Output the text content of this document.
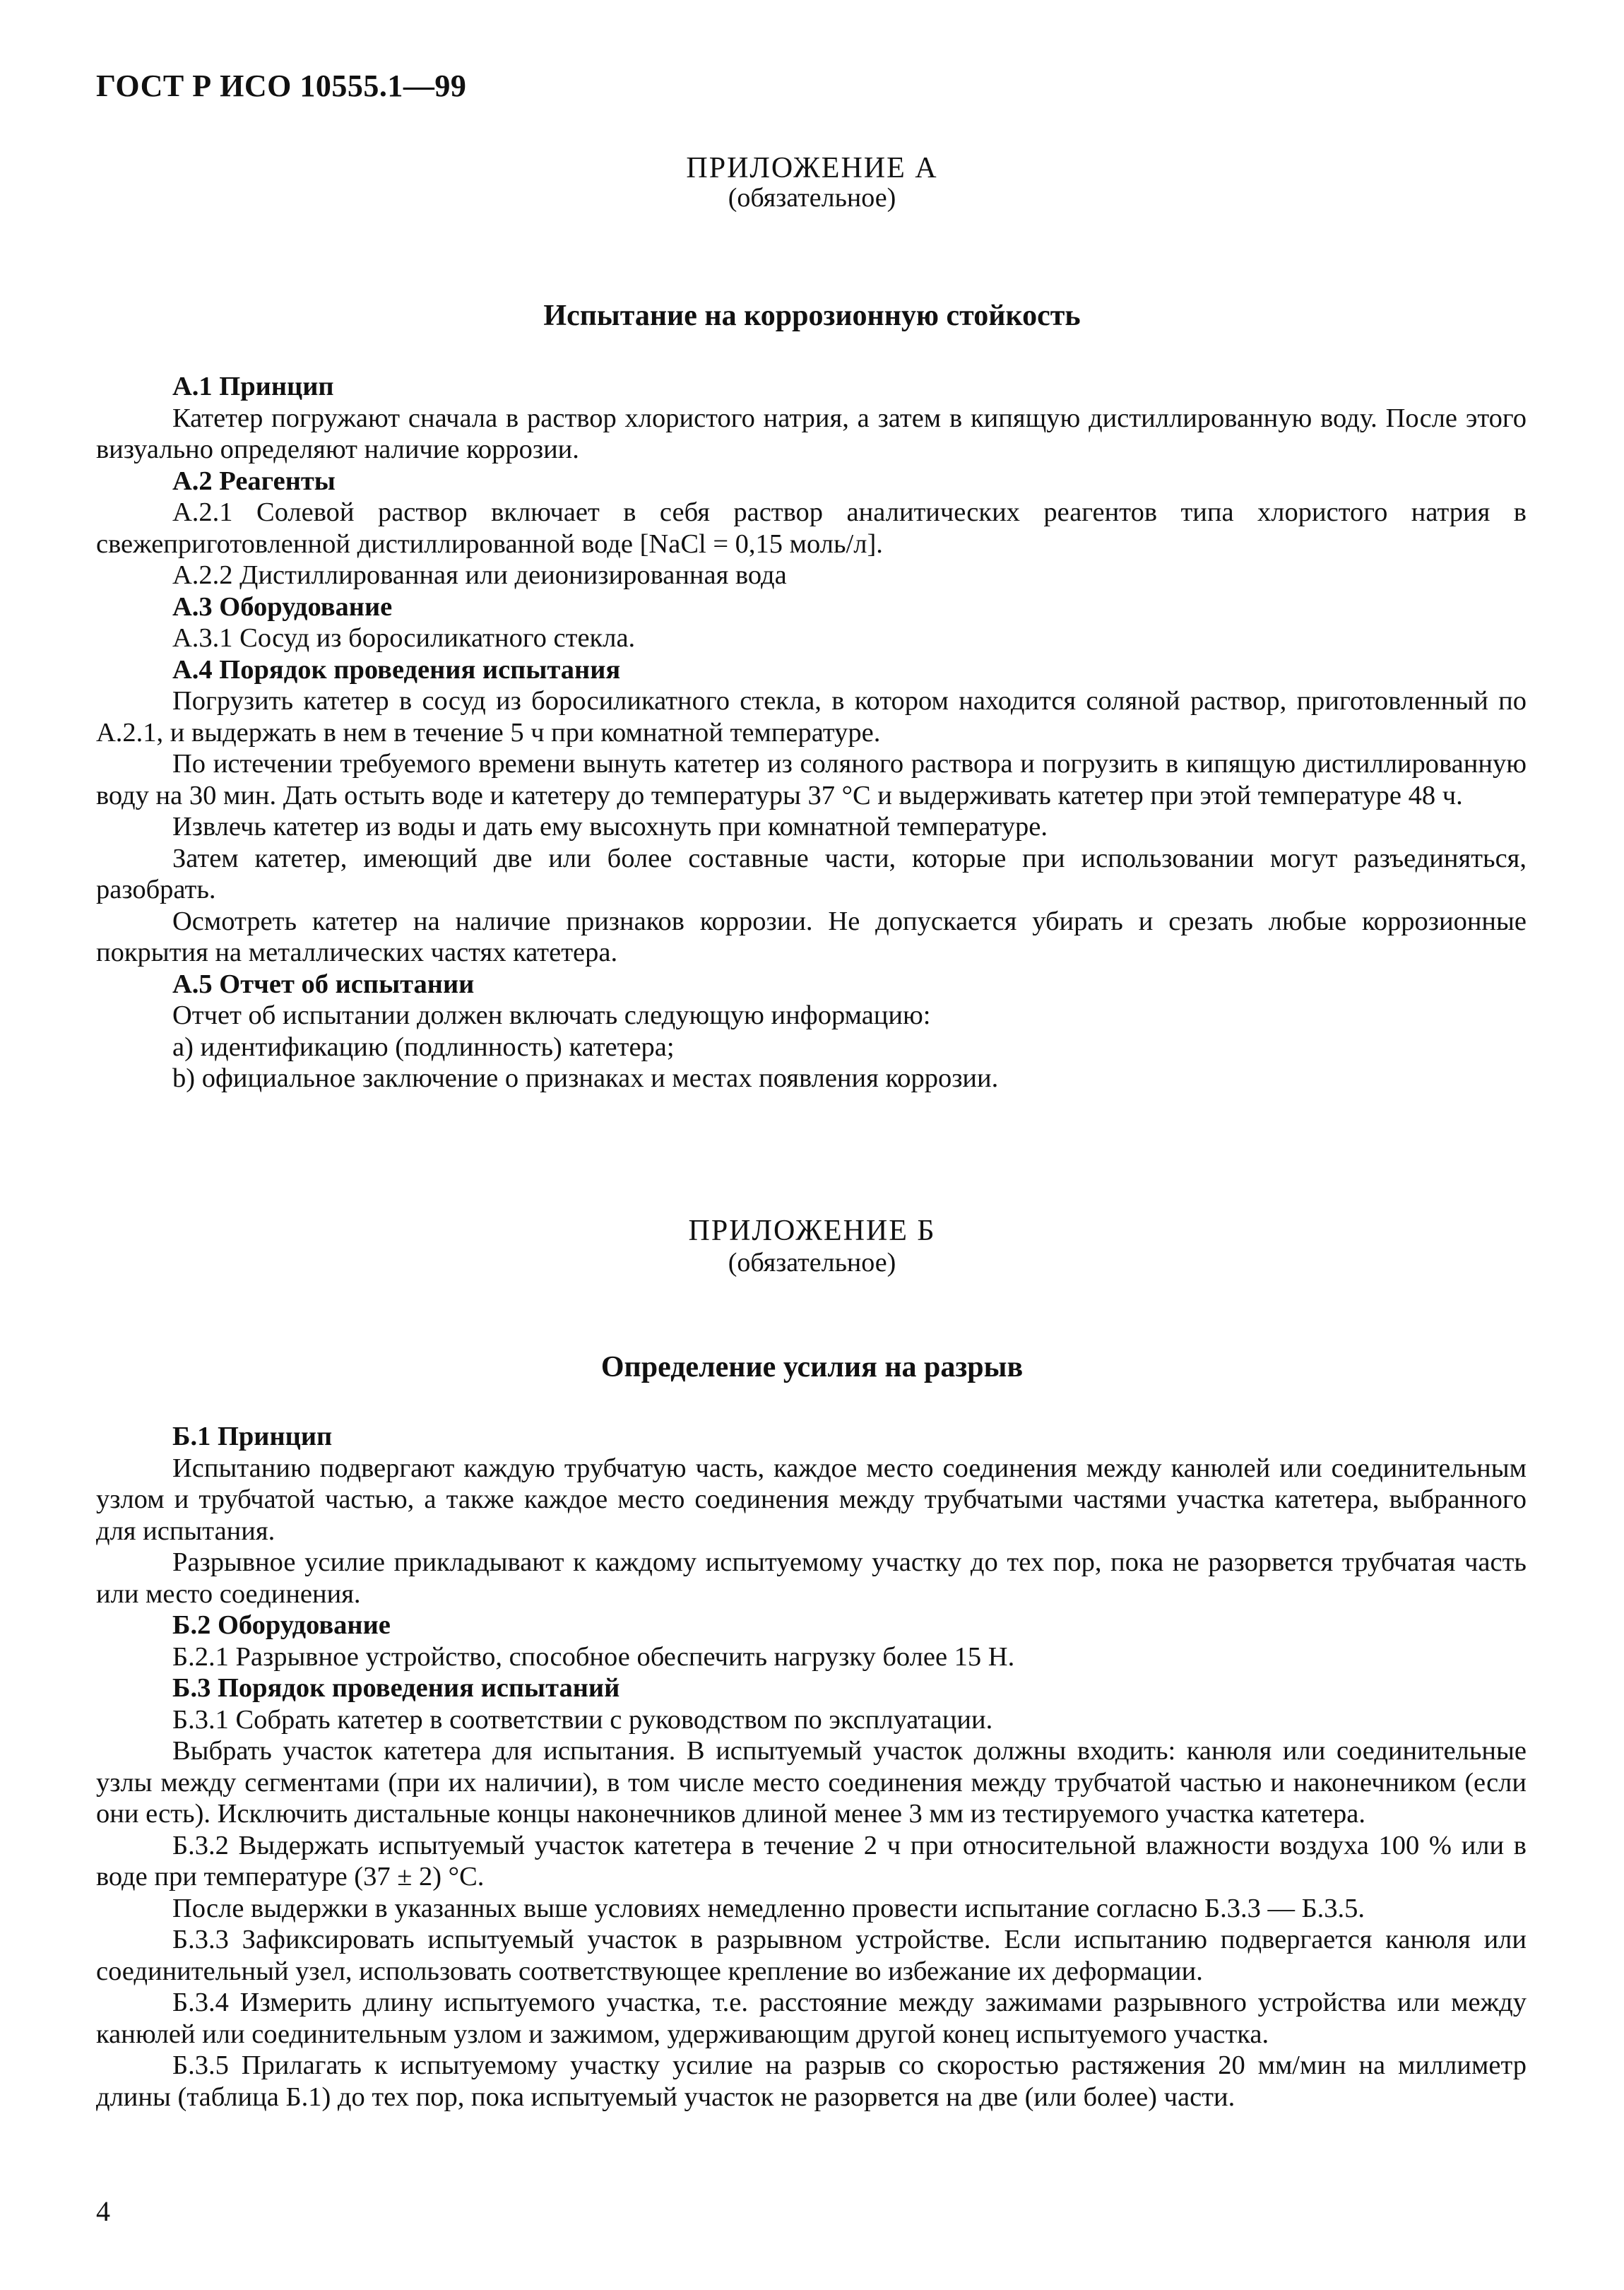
ГОСТ Р ИСО 10555.1—99
ПРИЛОЖЕНИЕ А
(обязательное)
Испытание на коррозионную стойкость

А.1 Принцип

Катетер погружают сначала в раствор хлористого натрия, а затем в кипящую дистиллированную воду. После этого визуально определяют наличие коррозии.

А.2 Реагенты

А.2.1 Солевой раствор включает в себя раствор аналитических реагентов типа хлористого натрия в свежеприготовленной дистиллированной воде [NaCl = 0,15 моль/л].

А.2.2 Дистиллированная или деионизированная вода

А.3 Оборудование

А.3.1 Сосуд из боросиликатного стекла.

А.4 Порядок проведения испытания

Погрузить катетер в сосуд из боросиликатного стекла, в котором находится соляной раствор, приготовленный по А.2.1, и выдержать в нем в течение 5 ч при комнатной температуре.

По истечении требуемого времени вынуть катетер из соляного раствора и погрузить в кипящую дистиллированную воду на 30 мин. Дать остыть воде и катетеру до температуры 37 °С и выдерживать катетер при этой температуре 48 ч.

Извлечь катетер из воды и дать ему высохнуть при комнатной температуре.

Затем катетер, имеющий две или более составные части, которые при использовании могут разъединяться, разобрать.

Осмотреть катетер на наличие признаков коррозии. Не допускается убирать и срезать любые коррозионные покрытия на металлических частях катетера.

А.5 Отчет об испытании

Отчет об испытании должен включать следующую информацию:

a) идентификацию (подлинность) катетера;

b) официальное заключение о признаках и местах появления коррозии.

ПРИЛОЖЕНИЕ Б
(обязательное)
Определение усилия на разрыв

Б.1 Принцип

Испытанию подвергают каждую трубчатую часть, каждое место соединения между канюлей или соединительным узлом и трубчатой частью, а также каждое место соединения между трубчатыми частями участка катетера, выбранного для испытания.

Разрывное усилие прикладывают к каждому испытуемому участку до тех пор, пока не разорвется трубчатая часть или место соединения.

Б.2 Оборудование

Б.2.1 Разрывное устройство, способное обеспечить нагрузку более 15 Н.

Б.3 Порядок проведения испытаний

Б.3.1 Собрать катетер в соответствии с руководством по эксплуатации.

Выбрать участок катетера для испытания. В испытуемый участок должны входить: канюля или соединительные узлы между сегментами (при их наличии), в том числе место соединения между трубчатой частью и наконечником (если они есть). Исключить дистальные концы наконечников длиной менее 3 мм из тестируемого участка катетера.

Б.3.2 Выдержать испытуемый участок катетера в течение 2 ч при относительной влажности воздуха 100 % или в воде при температуре (37 ± 2) °С.

После выдержки в указанных выше условиях немедленно провести испытание согласно Б.3.3 — Б.3.5.

Б.3.3 Зафиксировать испытуемый участок в разрывном устройстве. Если испытанию подвергается канюля или соединительный узел, использовать соответствующее крепление во избежание их деформации.

Б.3.4 Измерить длину испытуемого участка, т.е. расстояние между зажимами разрывного устройства или между канюлей или соединительным узлом и зажимом, удерживающим другой конец испытуемого участка.

Б.3.5 Прилагать к испытуемому участку усилие на разрыв со скоростью растяжения 20 мм/мин на миллиметр длины (таблица Б.1) до тех пор, пока испытуемый участок не разорвется на две (или более) части.

4
